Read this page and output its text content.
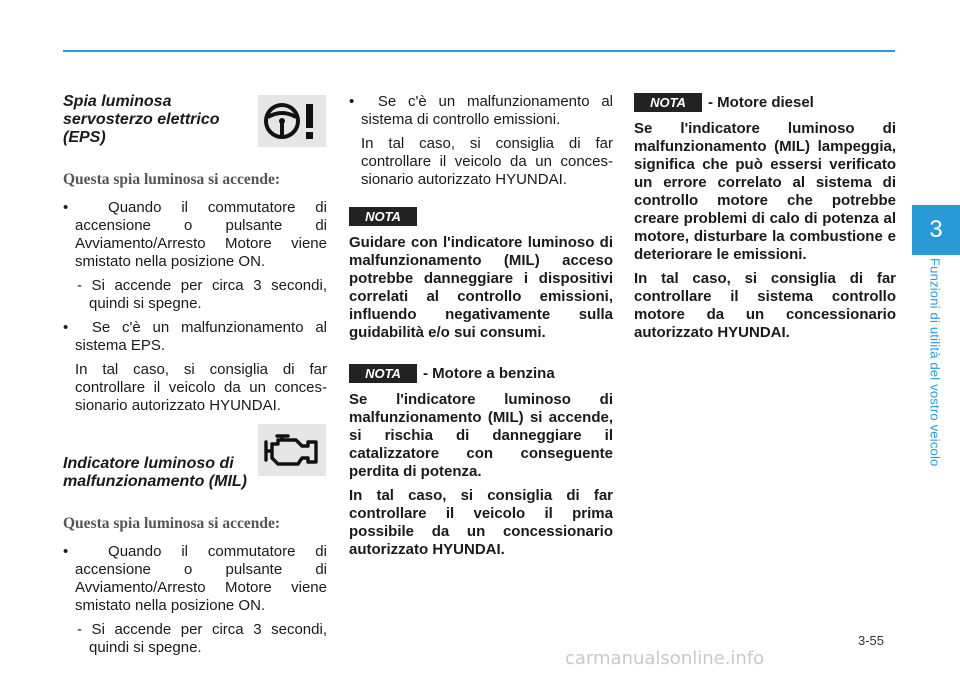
3
Funzioni di utilità del vostro veicolo
Spia luminosa servosterzo elettrico (EPS)

Questa spia luminosa si accende:

•  Quando il commutatore di accensione o pulsante di Avviamento/Arresto Motore viene smistato nella posizione ON.

- Si accende per circa 3 secondi, quindi si spegne.

•  Se c'è un malfunzionamento al sistema EPS.

In tal caso, si consiglia di far controllare il veicolo da un conces- sionario autorizzato HYUNDAI.

Indicatore luminoso di malfunzionamento (MIL)

Questa spia luminosa si accende:

•  Quando il commutatore di accensione o pulsante di Avviamento/Arresto Motore viene smistato nella posizione ON.

- Si accende per circa 3 secondi, quindi si spegne.

•  Se c'è un malfunzionamento al sistema di controllo emissioni.

In tal caso, si consiglia di far controllare il veicolo da un conces- sionario autorizzato HYUNDAI.

NOTA

Guidare con l'indicatore luminoso di malfunzionamento (MIL) acceso potrebbe danneggiare i dispositivi correlati al controllo emissioni, influendo negativamente sulla guidabilità e/o sui consumi.

NOTA	- Motore a benzina

Se l'indicatore luminoso di malfunzionamento (MIL) si accende, si rischia di danneggiare il catalizzatore con conseguente perdita di potenza.

In tal caso, si consiglia di far controllare il veicolo il prima possibile da un concessionario autorizzato HYUNDAI.

NOTA	- Motore diesel

Se l'indicatore luminoso di malfunzionamento (MIL) lampeggia, significa che può essersi verificato un errore correlato al sistema di controllo motore che potrebbe creare problemi di calo di potenza al motore, disturbare la combustione e deteriorare le emissioni.

In tal caso, si consiglia di far controllare il sistema controllo motore da un concessionario autorizzato HYUNDAI.

3-55
carmanualsonline.info
